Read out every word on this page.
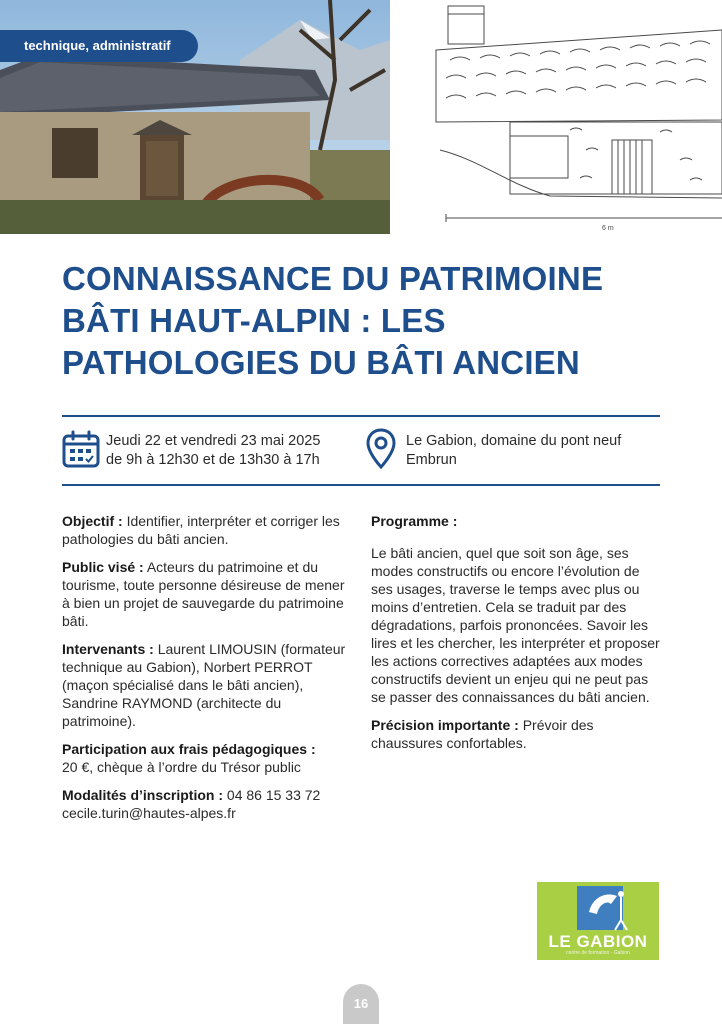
6 m
technique, administratif
CONNAISSANCE DU PATRIMOINE
BÂTI HAUT-ALPIN : LES
PATHOLOGIES DU BÂTI ANCIEN
Jeudi 22 et vendredi 23 mai 2025
de 9h à 12h30 et de 13h30 à 17h
Le Gabion, domaine du pont neuf
Embrun

Objectif : Identifier, interpréter et corriger les pathologies du bâti ancien.

Public visé : Acteurs du patrimoine et du tourisme, toute personne désireuse de mener à bien un projet de sauvegarde du patrimoine bâti.

Intervenants : Laurent LIMOUSIN (formateur technique au Gabion), Norbert PERROT (maçon spécialisé dans le bâti ancien), Sandrine RAYMOND (architecte du patrimoine).

Participation aux frais pédagogiques :
20 €, chèque à l’ordre du Trésor public

Modalités d’inscription : 04 86 15 33 72
cecile.turin@hautes-alpes.fr

Programme :

Le bâti ancien, quel que soit son âge, ses modes constructifs ou encore l’évolution de ses usages, traverse le temps avec plus ou moins d’entretien. Cela se traduit par des dégradations, parfois prononcées. Savoir les lires et les chercher, les interpréter et proposer les actions correctives adaptées aux modes constructifs devient un enjeu qui ne peut pas se passer des connaissances du bâti ancien.

Précision importante : Prévoir des chaussures confortables.

LE GABION
centre de formation · Gabion
16
